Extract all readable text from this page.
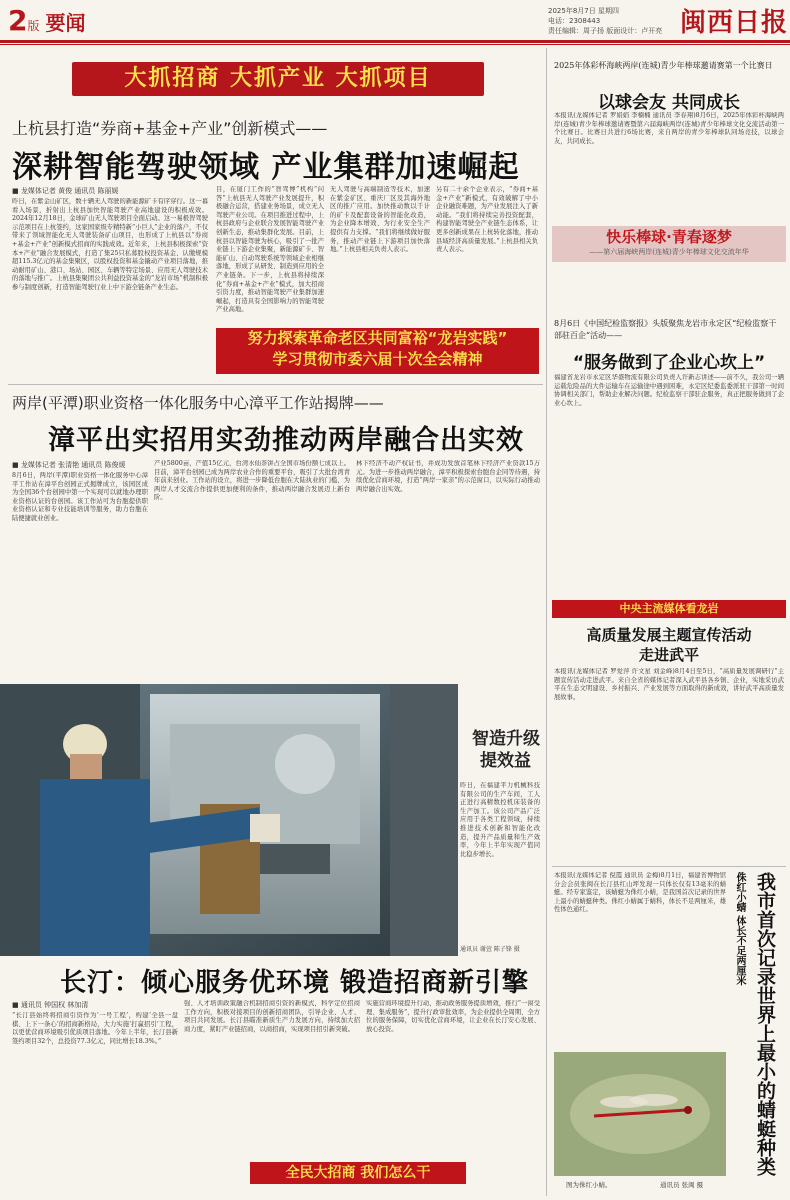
2版 要闻	2025年8月7日 星期四
电话：2308443
责任编辑：周子扬 版面设计：卢开亮 闽西日报
大抓招商 大抓产业 大抓项目
上杭县打造“券商+基金+产业”创新模式——
深耕智能驾驶领域 产业集群加速崛起
■ 龙媒体记者 黄俊 通讯员 陈丽媛
昨日，在紫金山矿区，数十辆无人驾驶的新能源矿卡有序穿行。这一幕看入场景，折射出上杭县加快智能驾驶产业高地建设的积极成效。2024年12月18日，金球矿山无人驾驶项目全面启动。这一易极智驾驶示范项目在上杭签约，这家国家级专精特新“小巨人”企业的落户，不仅带来了领域智能化无人驾驶装备矿山项目，也形成了上杭县以“券商+基金+产业”创新模式招商的实践成效。近年来，上杭县积极探索“资本+产业”融合发展模式，打造了集25只私募股权投资基金、认缴规模超115.3亿元的基金集聚区，以股权投资和基金撬动产业项目落地，推动耐用矿山、港口、场站、园区、车辆等特定场景、应用无人驾驶技术的落地与推广。上杭县集聚团公共利益投资基金的“龙岩市场”机制积极参与制度创新，打造智能驾驶行业上中下游全链条产业生态。
目，在厦门工作的“智驾博”机构“问答”上杭县无人驾驶产业发展提升，积极融合运营，搭建业务场景，成立无人驾驶产业公司。在项目推进过程中，上杭县政府与企业联合发展智能驾驶产业创新生态，推动集群化发展。目前，上杭县以智能驾驶为核心，吸引了一批产业链上下游企业集聚，新能源矿卡、智能矿山、自动驾驶系统等领域企业相继落地，形成了从研发、制造到应用的全产业链条。下一步，上杭县将持续深化“券商+基金+产业”模式，加大招商引资力度，推动智能驾驶产业集群加速崛起，打造具有全国影响力的智能驾驶产业高地。
无人驾驶与高端制造等技术，加速在紫金矿区、重庆厂区及其海外地区的推广应用。加快推动数以千计的矿卡及配套设备的智能化改造，为企业降本增效、为行业安全生产提供有力支撑。“我们将继续做好服务，推动产业链上下游项目加快落地。”上杭县相关负责人表示。
另有二十余个企业表示，“券商+基金+产业”新模式，有效破解了中小企业融资难题，为产业发展注入了新动能。“我们将持续完善投资配套，构建智能驾驶全产业链生态体系，让更多创新成果在上杭转化落地，推动县域经济高质量发展。”上杭县相关负责人表示。
努力探索革命老区共同富裕“龙岩实践”
学习贯彻市委六届十次全会精神
两岸(平潭)职业资格一体化服务中心漳平工作站揭牌——
漳平出实招用实劲推动两岸融合出实效
■ 龙媒体记者 张清艳 通讯员 陈俊煖
8月6日，两岸(平潭)职业资格一体化服务中心漳平工作站在漳平台创园正式揭牌成立，该园区成为全国36个台创园中第一个实现可以就地办理职业资格认证的台创园。该工作站可为台胞提供职业资格认证和专业技能培训等服务，助力台胞在陆便捷就业创业。
产业5800亩，产值15亿元，台湾水仙茶饼占全国市场份额七成以上。目前，漳平台创园已成为两岸农业合作的重要平台，吸引了大批台湾青年前来创业。工作站的设立，将进一步降低台胞在大陆执业的门槛，为两岸人才交流合作提供更加便利的条件，推动两岸融合发展迈上新台阶。
林下经济不动产权证书，并成功发放首笔林下经济产业贷款15万元。为进一步推动两岸融合，漳平积极探索台胞台企同等待遇，持续优化营商环境，打造“两岸一家亲”的示范窗口，以实际行动推动两岸融合出实效。
智造升级
提效益
昨日，在福建平力机械科技有限公司的生产车间，工人正进行高精数控机床装备的生产加工。该公司产品广泛应用于各类工程领域，持续推进技术创新和智能化改造，提升产品质量和生产效率，今年上半年实现产值同比稳步增长。
通讯员 谢萱 陈子锋 摄
长汀：倾心服务优环境 锻造招商新引擎
■ 通讯员 钟国权 林加清
“长汀县始终将招商引资作为‘一号工程’，构建‘全县一盘棋、上下一条心’的招商新格局，大力实施‘打赢招引’工程，以更优营商环境吸引优质项目落地。今年上半年，长汀县新签约项目32个，总投资77.3亿元，同比增长18.3%。”
强、人才培训政策融合机制招商引资的新模式，科学定位招商工作方向，积极对接项目的创新招商团队，引导企业、人才、项目共同发展。长汀县瞄准新质生产力发展方向，持续加大招商力度，紧盯产业链招商，以商招商，实现项目招引新突破。
实施营商环境提升行动，推动政务服务提质增效，推行“一窗受理、集成服务”，提升行政审批效率，为企业提供全周期、全方位的服务保障，切实优化营商环境，让企业在长汀安心发展、放心投资。
全民大招商 我们怎么干
2025年体彩杯海峡两岸(连城)青少年棒球邀请赛第一个比赛日
以球会友 共同成长
本报讯(龙媒体记者 罗娟娟 李楠楠 通讯员 李春翔)8月6日，2025年体彩杯海峡两岸(连城)青少年棒球邀请赛暨第六届海峡两岸(连城)青少年棒球文化交流活动第一个比赛日。比赛日共进行6场比赛，来自两岸的青少年棒球队同场竞技，以球会友，共同成长。
快乐棒球·青春逐梦
——第六届海峡两岸(连城)青少年棒球文化交流年华
8月6日《中国纪检监察报》头版聚焦龙岩市永定区“纪检监察干部驻百企”活动——
“服务做到了企业心坎上”
福建省龙岩市永定区华盛物流有限公司负责人许新志讲述——前不久，我公司一辆运载危险品的大件运输车在运输途中遇到困难，永定区纪委监委派驻干部第一时间协调相关部门，帮助企业解决问题。纪检监察干部驻企服务，真正把服务做到了企业心坎上。
中央主流媒体看龙岩
高质量发展主题宣传活动
走进武平
本报讯(龙媒体记者 罗爱萍 许文星 刘金峰)8月4日至5日，“高质量发展调研行”主题宣传活动走进武平。来自全省的媒体记者深入武平县各乡镇、企业，实地采访武平在生态文明建设、乡村振兴、产业发展等方面取得的新成效，讲好武平高质量发展故事。
本报讯(龙媒体记者 倪霞 通讯员 金梅)8月1日，福建省博物馆分会会员张闽在长汀县红山坪发现一只体长仅有13毫米的蜻蜓。经专家鉴定，该蜻蜓为侏红小蜻，是我国首次记录的世界上最小的蜻蜓种类。侏红小蜻属于蜻科，体长不足两厘米，雄性体色通红。	侏红小蜻 体长不足两厘米 我市首次记录世界上最小的蜻蜓种类
图为侏红小蜻。	通讯员 张闽 摄
